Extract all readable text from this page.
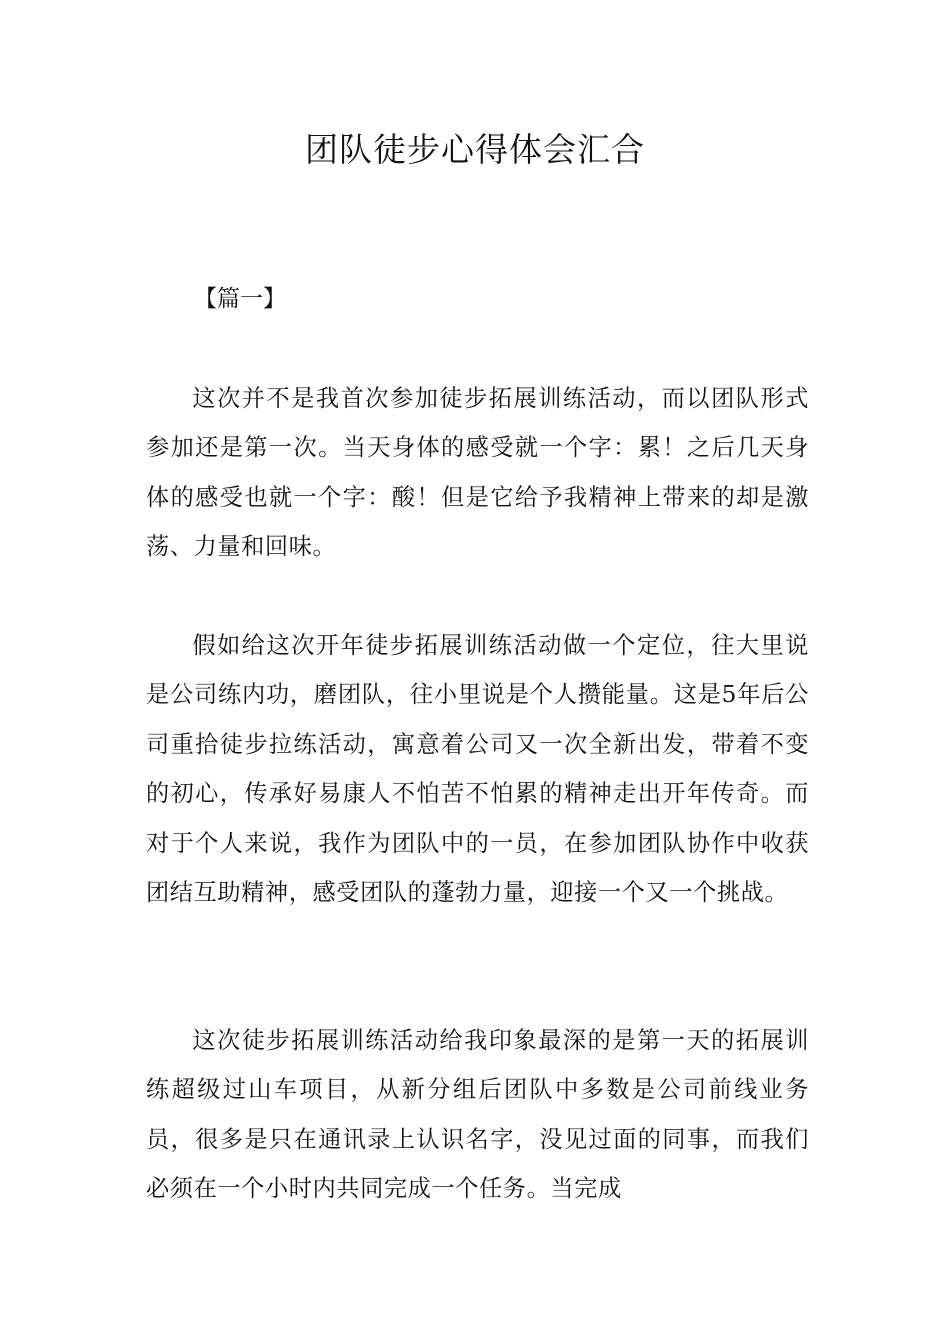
团队徒步心得体会汇合
【篇一】

这次并不是我首次参加徒步拓展训练活动，而以团队形式参加还是第一次。当天身体的感受就一个字：累！之后几天身体的感受也就一个字：酸！但是它给予我精神上带来的却是激荡、力量和回味。

假如给这次开年徒步拓展训练活动做一个定位，往大里说是公司练内功，磨团队，往小里说是个人攒能量。这是5年后公司重拾徒步拉练活动，寓意着公司又一次全新出发，带着不变的初心，传承好易康人不怕苦不怕累的精神走出开年传奇。而对于个人来说，我作为团队中的一员，在参加团队协作中收获团结互助精神，感受团队的蓬勃力量，迎接一个又一个挑战。

这次徒步拓展训练活动给我印象最深的是第一天的拓展训练超级过山车项目，从新分组后团队中多数是公司前线业务员，很多是只在通讯录上认识名字，没见过面的同事，而我们必须在一个小时内共同完成一个任务。当完成
